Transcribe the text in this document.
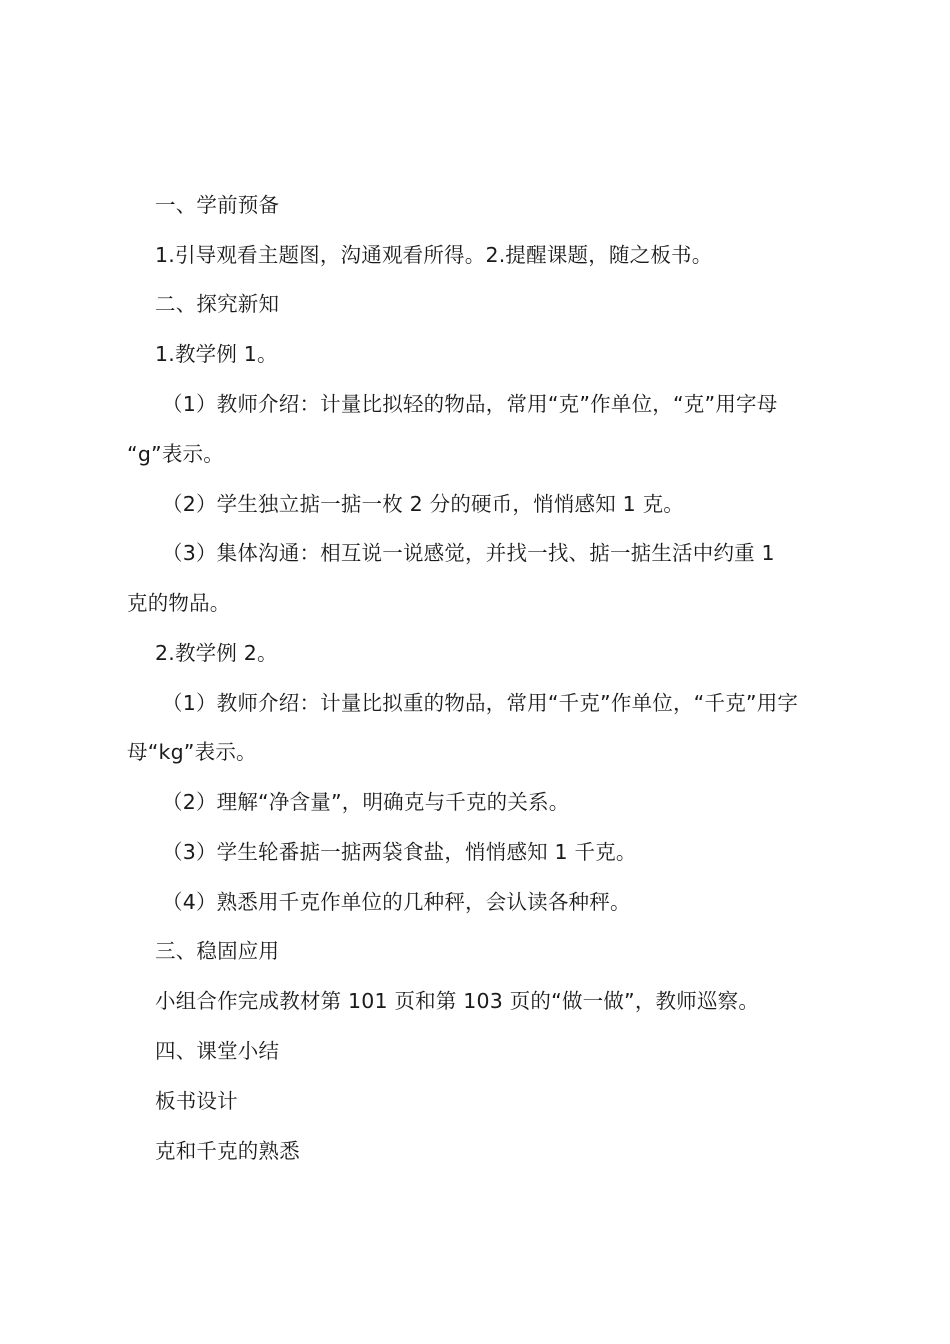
一、学前预备
1.引导观看主题图，沟通观看所得。2.提醒课题，随之板书。
二、探究新知
1.教学例 1。
（1）教师介绍：计量比拟轻的物品，常用“克”作单位，“克”用字母
“g”表示。
（2）学生独立掂一掂一枚 2 分的硬币，悄悄感知 1 克。
（3）集体沟通：相互说一说感觉，并找一找、掂一掂生活中约重 1
克的物品。
2.教学例 2。
（1）教师介绍：计量比拟重的物品，常用“千克”作单位，“千克”用字
母“kg”表示。
（2）理解“净含量”，明确克与千克的关系。
（3）学生轮番掂一掂两袋食盐，悄悄感知 1 千克。
（4）熟悉用千克作单位的几种秤，会认读各种秤。
三、稳固应用
小组合作完成教材第 101 页和第 103 页的“做一做”，教师巡察。
四、课堂小结
板书设计
克和千克的熟悉
